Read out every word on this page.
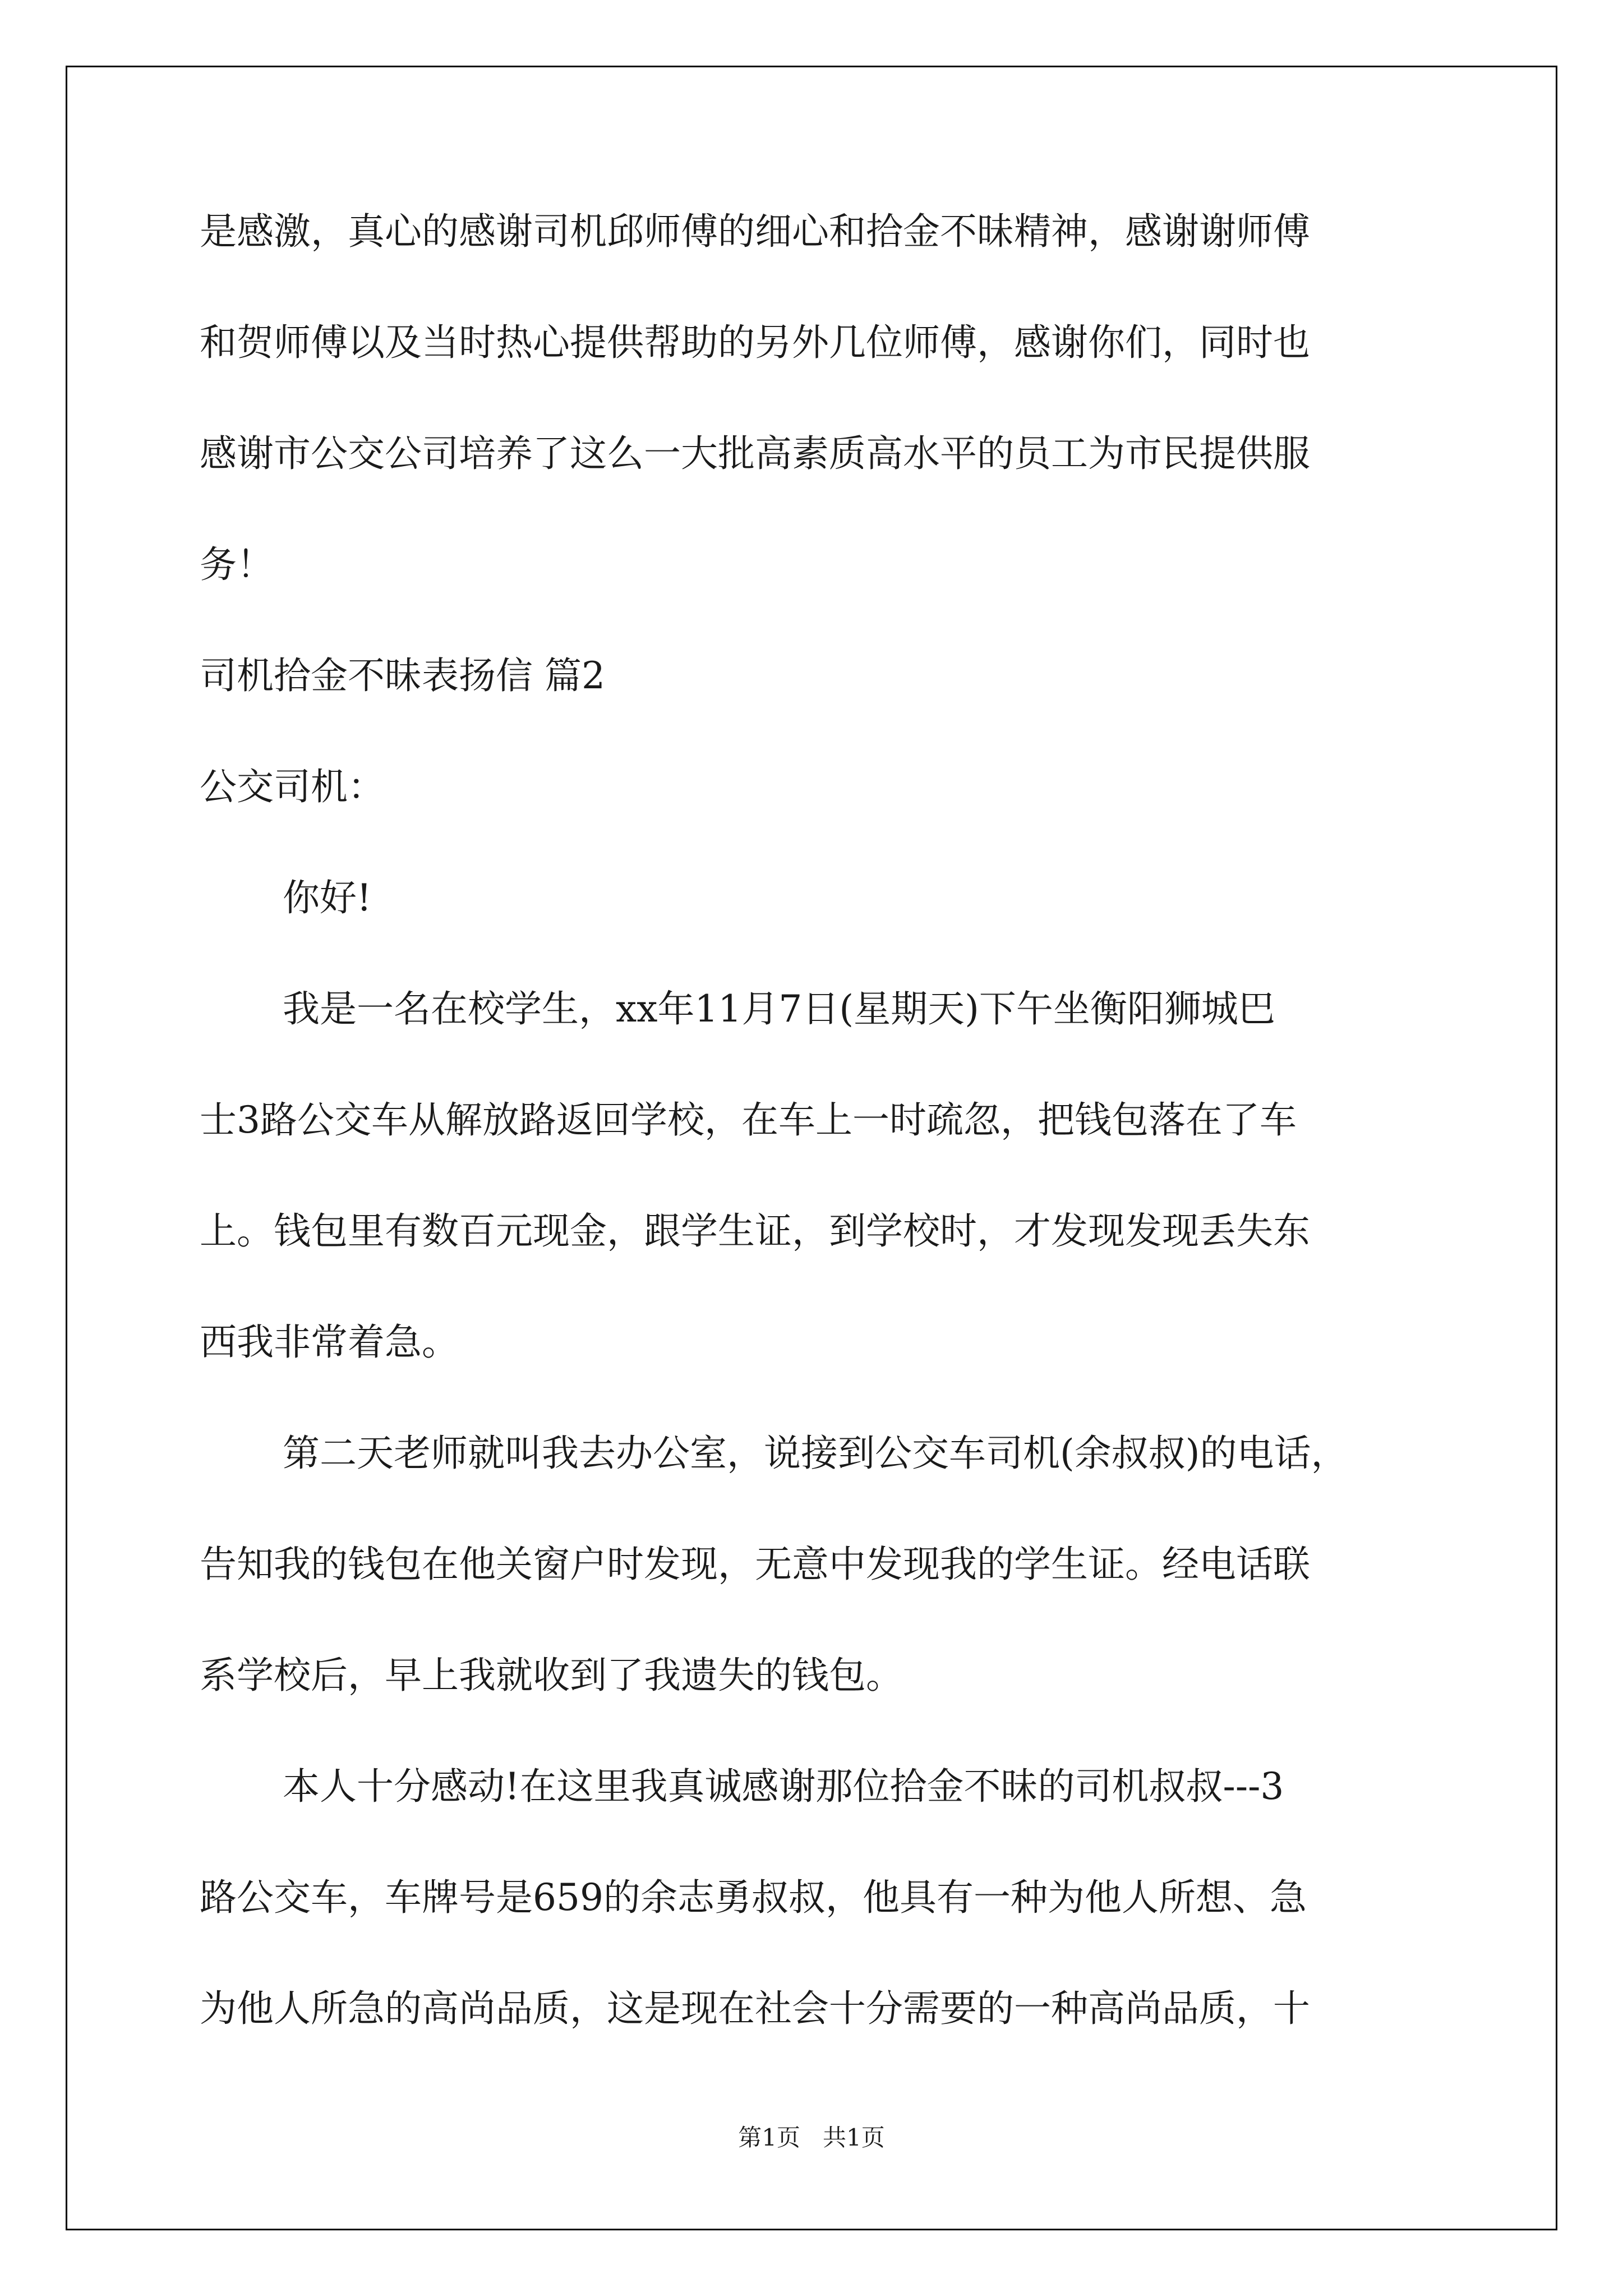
是感激，真心的感谢司机邱师傅的细心和拾金不昧精神，感谢谢师傅
和贺师傅以及当时热心提供帮助的另外几位师傅，感谢你们，同时也
感谢市公交公司培养了这么一大批高素质高水平的员工为市民提供服
务！
司机拾金不昧表扬信 篇2
公交司机：
你好!
我是一名在校学生，xx年11月7日(星期天)下午坐衡阳狮城巴
士3路公交车从解放路返回学校，在车上一时疏忽，把钱包落在了车
上。钱包里有数百元现金，跟学生证，到学校时，才发现发现丢失东
西我非常着急。
第二天老师就叫我去办公室，说接到公交车司机(余叔叔)的电话，
告知我的钱包在他关窗户时发现，无意中发现我的学生证。经电话联
系学校后，早上我就收到了我遗失的钱包。
本人十分感动!在这里我真诚感谢那位拾金不昧的司机叔叔---3
路公交车，车牌号是659的余志勇叔叔，他具有一种为他人所想、急
为他人所急的高尚品质，这是现在社会十分需要的一种高尚品质，十
第1页   共1页
